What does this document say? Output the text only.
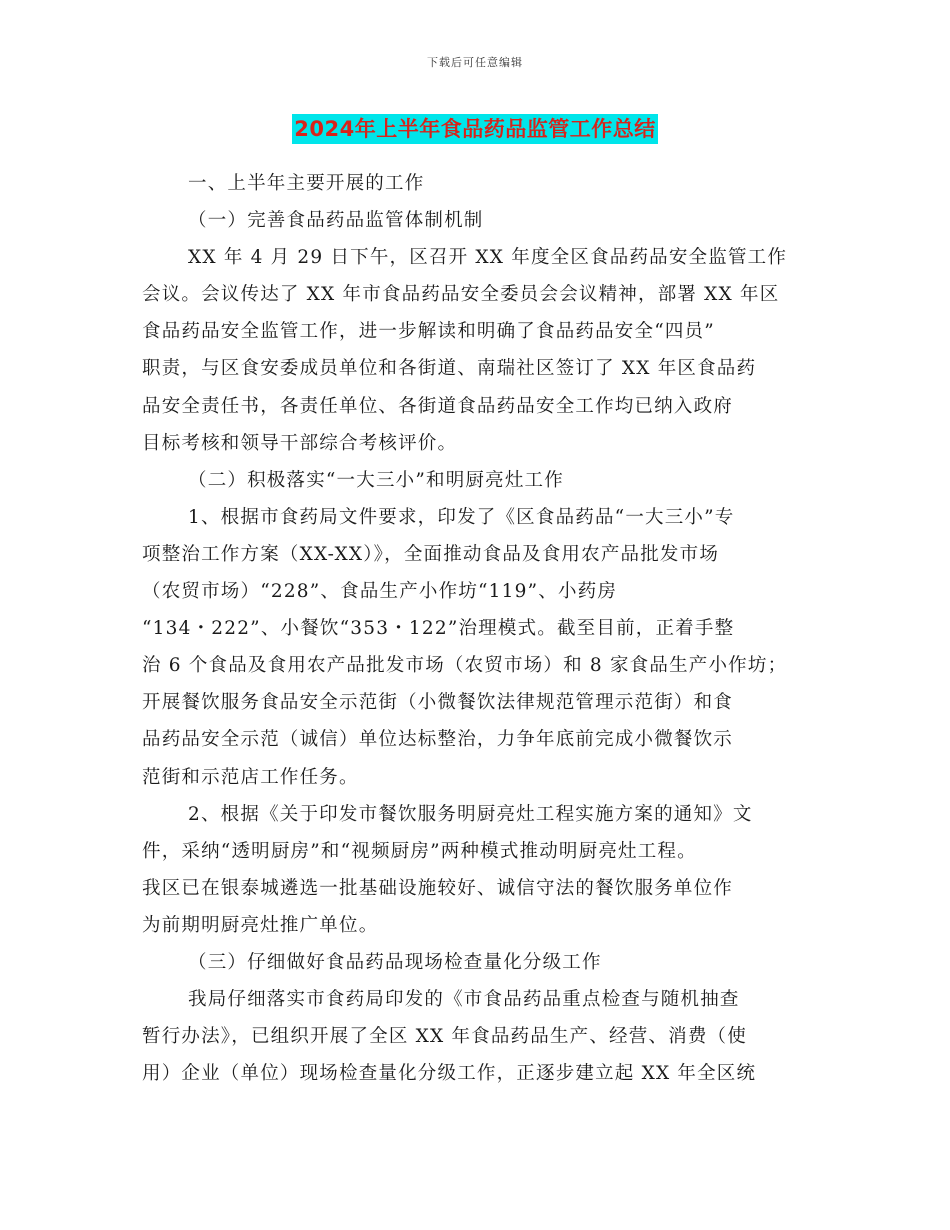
下载后可任意编辑
2024年上半年食品药品监管工作总结
一、上半年主要开展的工作
（一）完善食品药品监管体制机制
XX 年 4 月 29 日下午，区召开 XX 年度全区食品药品安全监管工作
会议。会议传达了 XX 年市食品药品安全委员会会议精神，部署 XX 年区
食品药品安全监管工作，进一步解读和明确了食品药品安全“四员”
职责，与区食安委成员单位和各街道、南瑞社区签订了 XX 年区食品药
品安全责任书，各责任单位、各街道食品药品安全工作均已纳入政府
目标考核和领导干部综合考核评价。
（二）积极落实“一大三小”和明厨亮灶工作
1、根据市食药局文件要求，印发了《区食品药品“一大三小”专
项整治工作方案（XX-XX）》，全面推动食品及食用农产品批发市场
（农贸市场）“228”、食品生产小作坊“119”、小药房
“134・222”、小餐饮“353・122”治理模式。截至目前，正着手整
治 6 个食品及食用农产品批发市场（农贸市场）和 8 家食品生产小作坊；
开展餐饮服务食品安全示范街（小微餐饮法律规范管理示范街）和食
品药品安全示范（诚信）单位达标整治，力争年底前完成小微餐饮示
范街和示范店工作任务。
2、根据《关于印发市餐饮服务明厨亮灶工程实施方案的通知》文
件，采纳“透明厨房”和“视频厨房”两种模式推动明厨亮灶工程。
我区已在银泰城遴选一批基础设施较好、诚信守法的餐饮服务单位作
为前期明厨亮灶推广单位。
（三）仔细做好食品药品现场检查量化分级工作
我局仔细落实市食药局印发的《市食品药品重点检查与随机抽查
暂行办法》，已组织开展了全区 XX 年食品药品生产、经营、消费（使
用）企业（单位）现场检查量化分级工作，正逐步建立起 XX 年全区统
